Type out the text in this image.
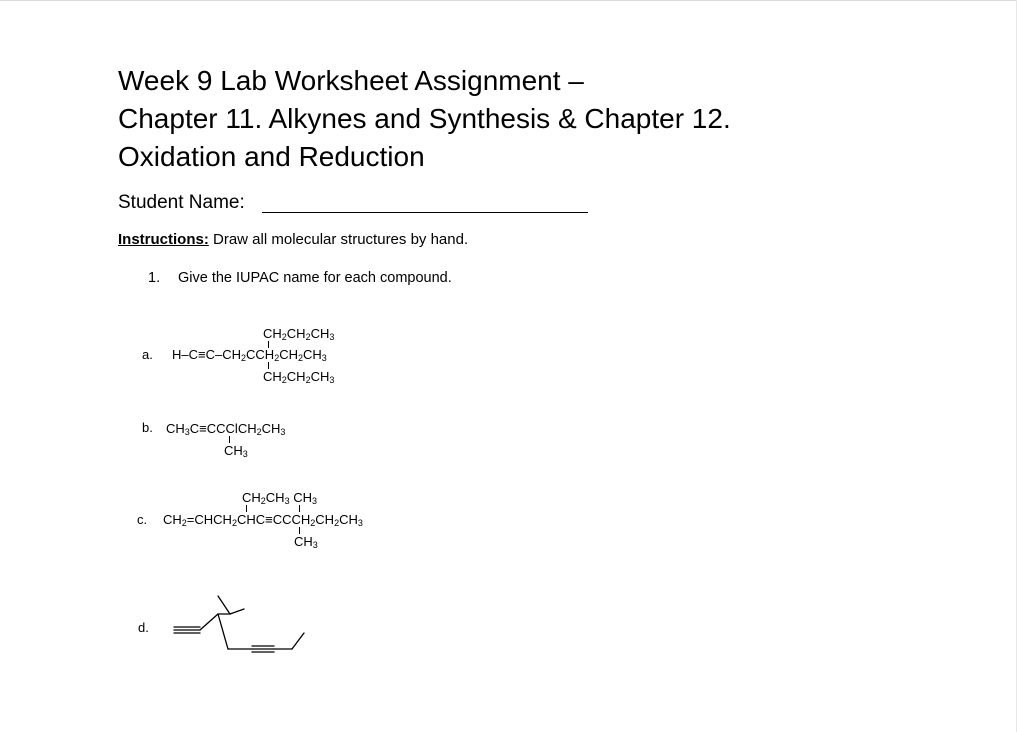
Week 9 Lab Worksheet Assignment –
Chapter 11. Alkynes and Synthesis & Chapter 12.
Oxidation and Reduction
Student Name:
Instructions: Draw all molecular structures by hand.
1. Give the IUPAC name for each compound.
a.
$CH_2CH_2CH_3$
$H-C\equiv C-CH_2CCH_2CH_2CH_3$
$CH_2CH_2CH_3$
b. $CH_3C\equiv CCClCH_2CH_3$
$CH_3$
c.
$CH_2CH_3$ $CH_3$
$CH_2=CHCH_2CHC\equiv CCCH_2CH_2CH_3$
$CH_3$
d.
